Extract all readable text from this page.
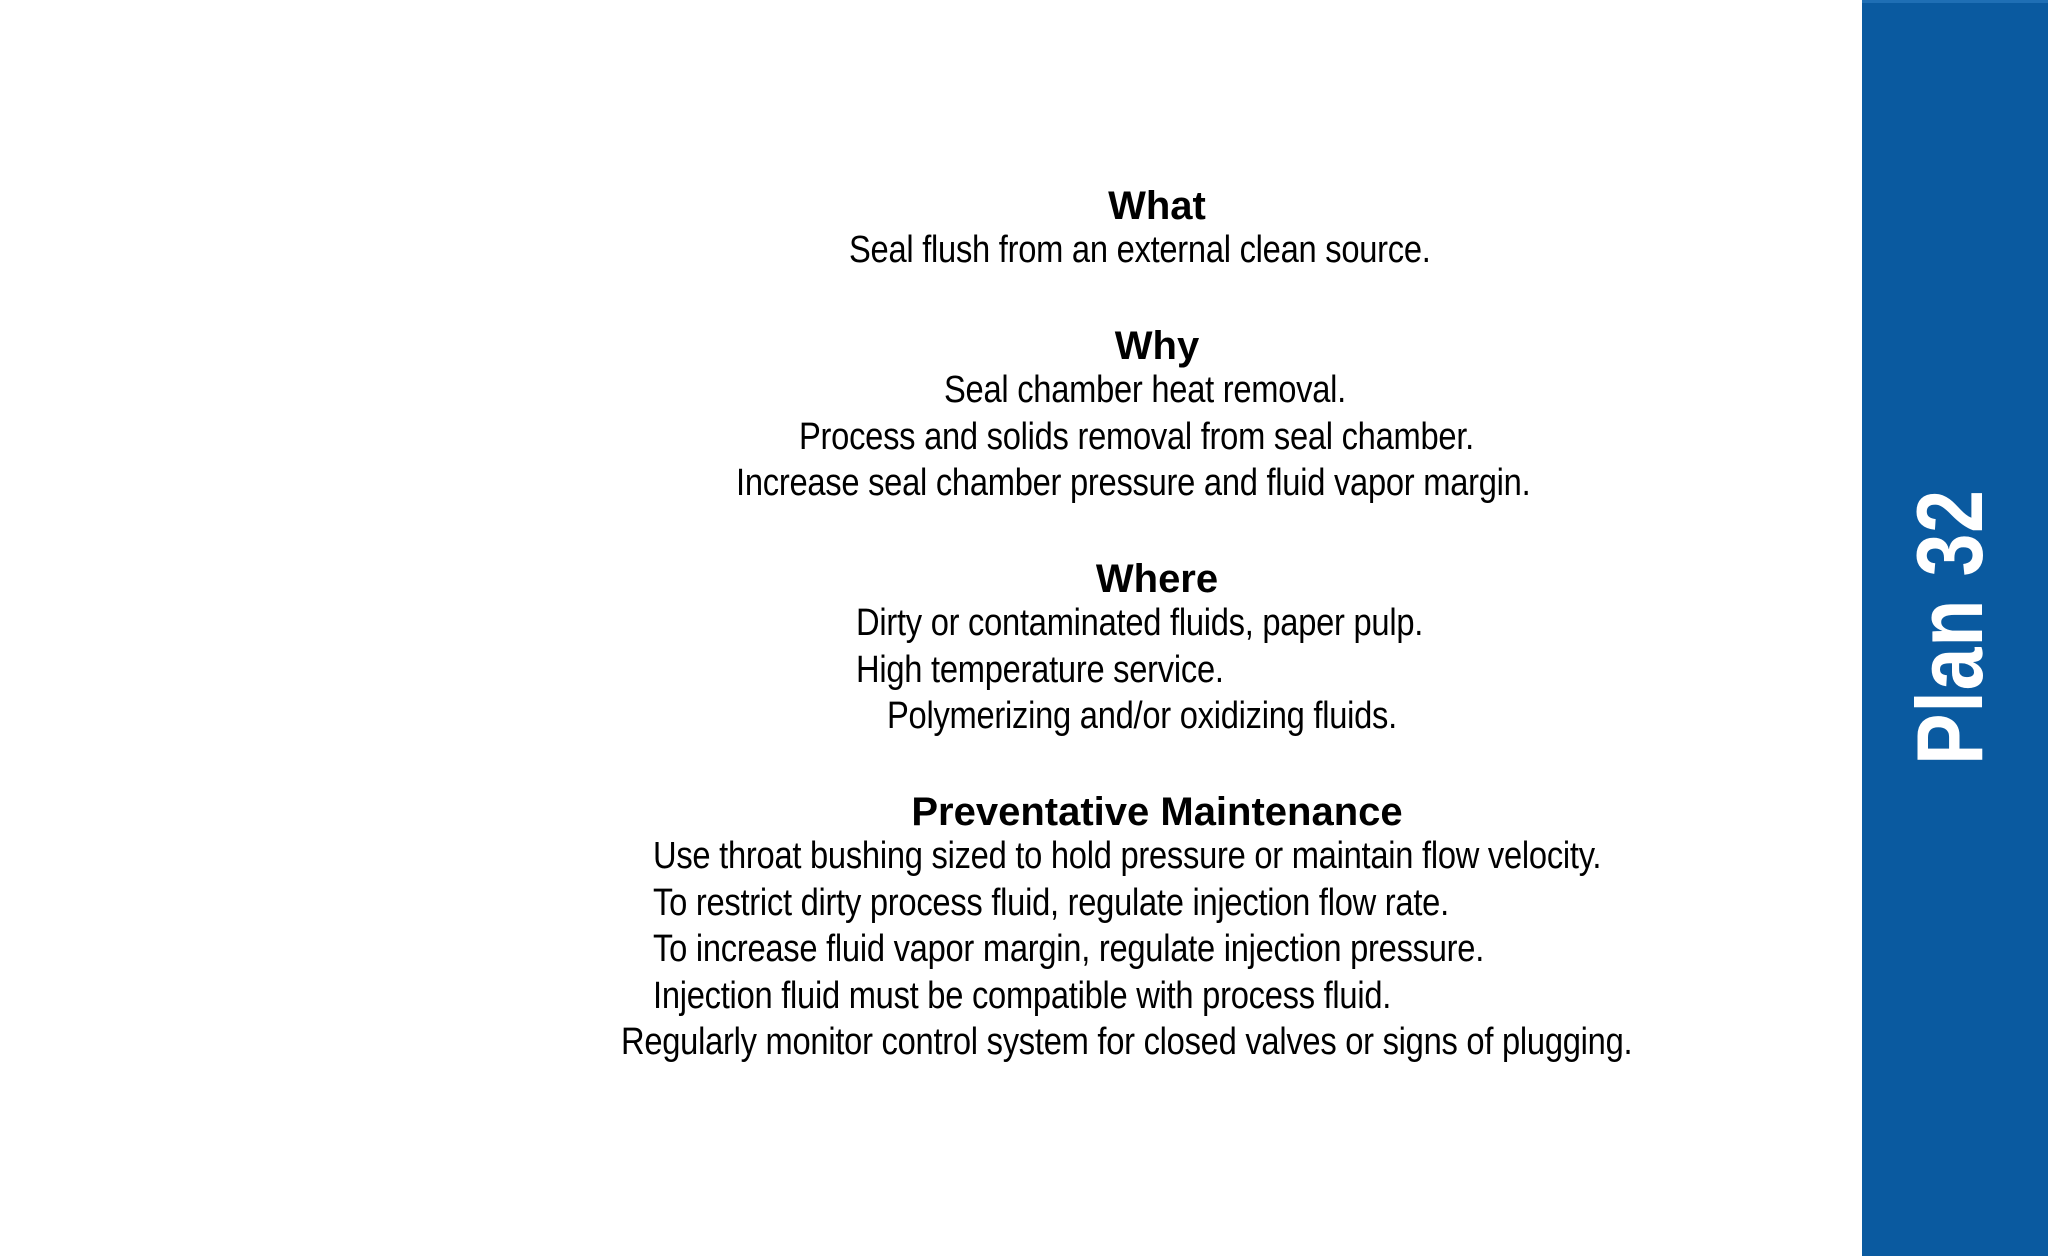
What
Seal flush from an external clean source.
Why
Seal chamber heat removal.
Process and solids removal from seal chamber.
Increase seal chamber pressure and fluid vapor margin.
Where
Dirty or contaminated fluids, paper pulp.
High temperature service.
Polymerizing and/or oxidizing fluids.
Preventative Maintenance
Use throat bushing sized to hold pressure or maintain flow velocity.
To restrict dirty process fluid, regulate injection flow rate.
To increase fluid vapor margin, regulate injection pressure.
Injection fluid must be compatible with process fluid.
Regularly monitor control system for closed valves or signs of plugging.
Plan 32
